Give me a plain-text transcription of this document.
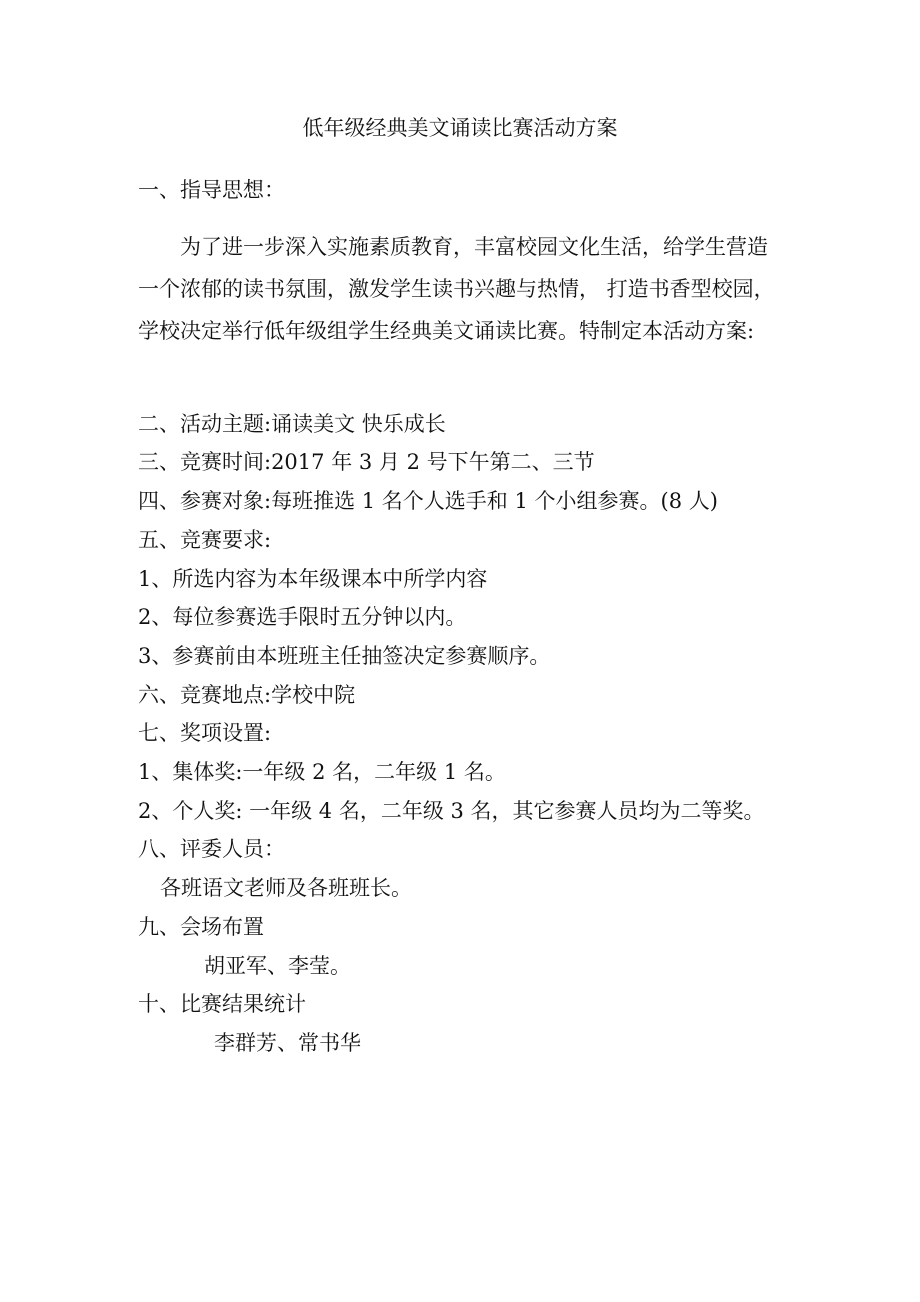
低年级经典美文诵读比赛活动方案
一、指导思想：

为了进一步深入实施素质教育，丰富校园文化生活，给学生营造一个浓郁的读书氛围，激发学生读书兴趣与热情， 打造书香型校园，学校决定举行低年级组学生经典美文诵读比赛。特制定本活动方案:

二、活动主题:诵读美文 快乐成长
三、竞赛时间:2017 年 3 月 2 号下午第二、三节
四、参赛对象:每班推选 1 名个人选手和 1 个小组参赛。(8 人)
五、竞赛要求:
1、所选内容为本年级课本中所学内容
2、每位参赛选手限时五分钟以内。
3、参赛前由本班班主任抽签决定参赛顺序。
六、竞赛地点:学校中院
七、奖项设置:
1、集体奖:一年级 2 名，二年级 1 名。
2、个人奖: 一年级 4 名，二年级 3 名，其它参赛人员均为二等奖。
八、评委人员：
各班语文老师及各班班长。
九、会场布置
胡亚军、李莹。
十、比赛结果统计
李群芳、常书华
